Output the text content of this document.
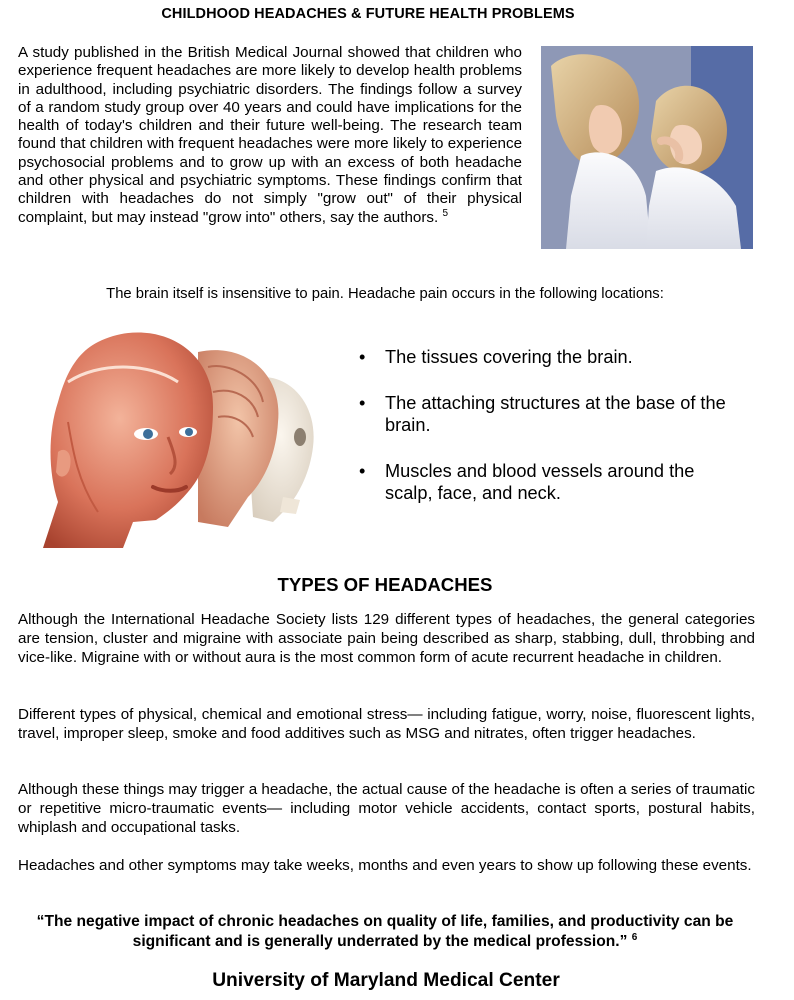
CHILDHOOD HEADACHES & FUTURE HEALTH PROBLEMS

A study published in the British Medical Journal showed that children who experience frequent headaches are more likely to develop health problems in adulthood, including psychiatric disorders. The findings follow a survey of a random study group over 40 years and could have implications for the health of today's children and their future well-being. The research team found that children with frequent headaches were more likely to experience psychosocial problems and to grow up with an excess of both headache and other physical and psychiatric symptoms. These findings confirm that children with headaches do not simply "grow out" of their physical complaint, but may instead "grow into" others, say the authors. $^5$

The brain itself is insensitive to pain. Headache pain occurs in the following locations:
• The tissues covering the brain.
• The attaching structures at the base of the brain.
• Muscles and blood vessels around the scalp, face, and neck.
TYPES OF HEADACHES

Although the International Headache Society lists 129 different types of headaches, the general categories are tension, cluster and migraine with associate pain being described as sharp, stabbing, dull, throbbing and vice-like. Migraine with or without aura is the most common form of acute recurrent headache in children.

Different types of physical, chemical and emotional stress— including fatigue, worry, noise, fluorescent lights, travel, improper sleep, smoke and food additives such as MSG and nitrates, often trigger headaches.

Although these things may trigger a headache, the actual cause of the headache is often a series of traumatic or repetitive micro-traumatic events— including motor vehicle accidents, contact sports, postural habits, whiplash and occupational tasks.

Headaches and other symptoms may take weeks, months and even years to show up following these events.

“The negative impact of chronic headaches on quality of life, families, and productivity can be
significant and is generally underrated by the medical profession.” $^6$

University of Maryland Medical Center
